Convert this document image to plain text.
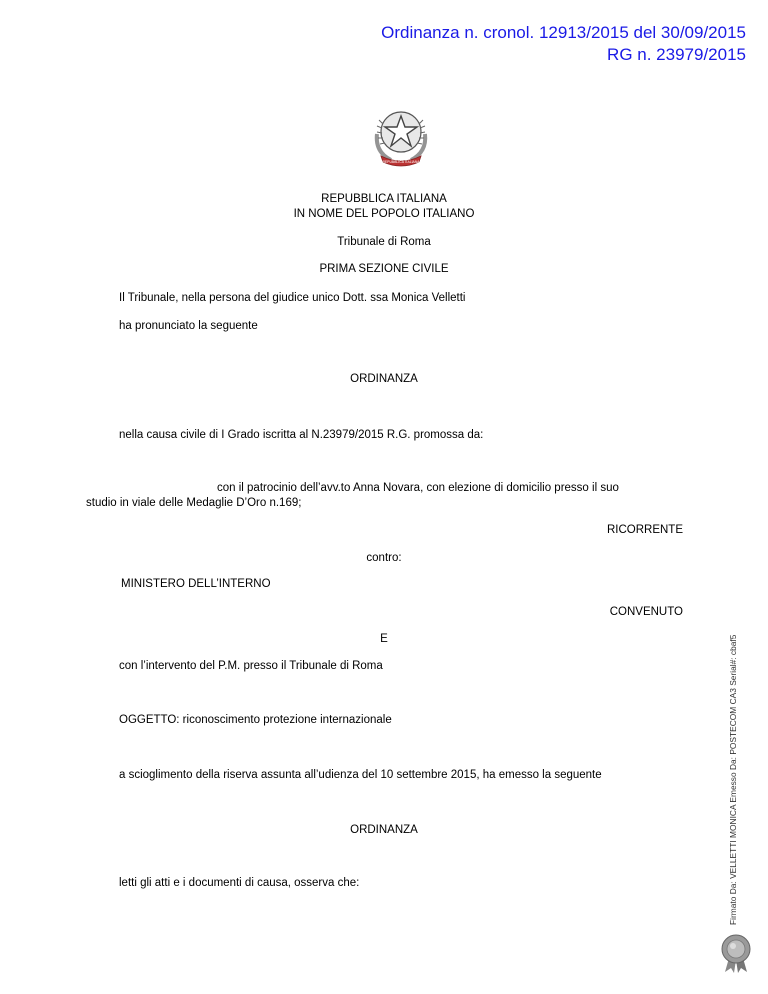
Ordinanza n. cronol. 12913/2015 del 30/09/2015
RG n. 23979/2015
REPUBBLICA ITALIANA
REPUBBLICA ITALIANA
IN NOME DEL POPOLO ITALIANO
Tribunale di Roma
PRIMA SEZIONE CIVILE
Il Tribunale, nella persona del giudice unico Dott. ssa Monica Velletti
ha pronunciato la seguente
ORDINANZA
nella causa civile di I Grado iscritta al N.23979/2015 R.G. promossa da:
con il patrocinio dell’avv.to Anna Novara, con elezione di domicilio presso il suo
studio in viale delle Medaglie D’Oro n.169;
RICORRENTE
contro:
MINISTERO DELL’INTERNO
CONVENUTO
E
con l’intervento del P.M. presso il Tribunale di Roma
OGGETTO: riconoscimento protezione internazionale
a scioglimento della riserva assunta all’udienza del 10 settembre 2015, ha emesso la seguente
ORDINANZA
letti gli atti e i documenti di causa, osserva che:	Firmato Da: VELLETTI MONICA Emesso Da: POSTECOM CA3 Serial#: cbaf5
